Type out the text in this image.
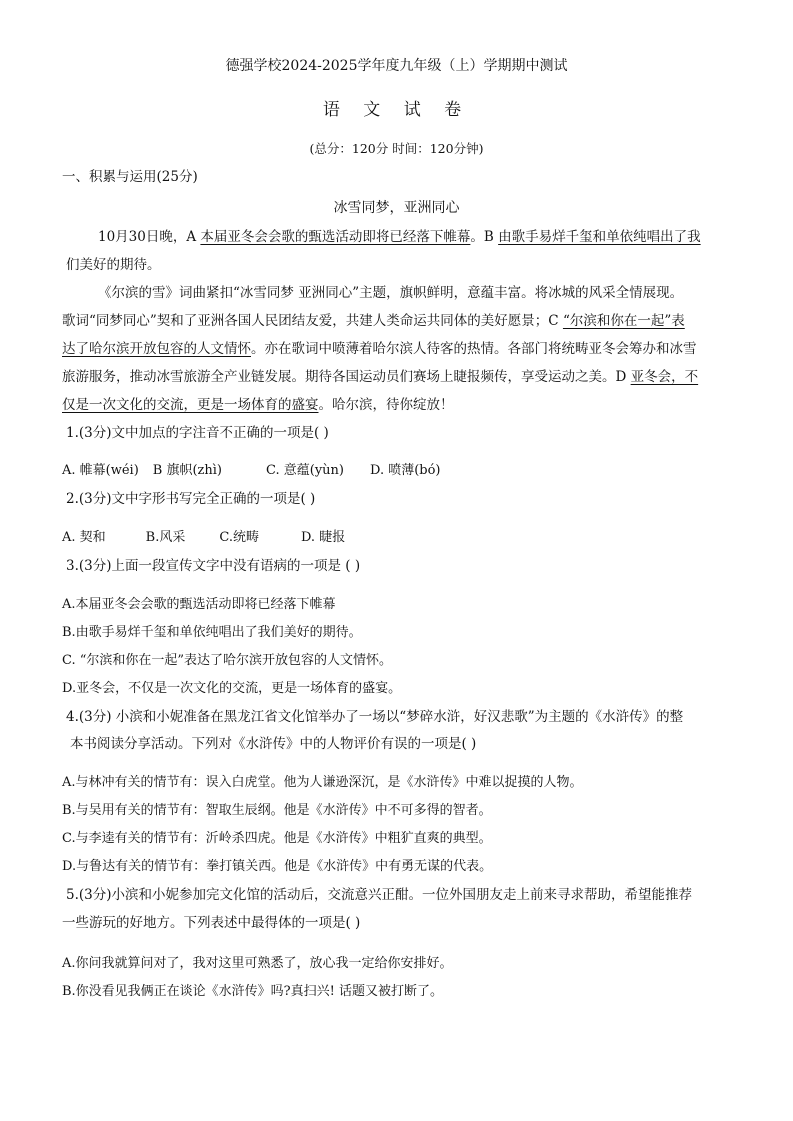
德强学校2024-2025学年度九年级（上）学期期中测试
语 文 试 卷
(总分：120分 时间：120分钟)
一、积累与运用(25分)
冰雪同梦，亚洲同心
10月30日晚，A 本届亚冬会会歌的甄选活动即将已经落下帷幕。B 由歌手易烊千玺和单依纯唱出了我
们美好的期待。
《尔滨的雪》词曲紧扣“冰雪同梦 亚洲同心”主题，旗帜鲜明，意蕴丰富。将冰城的风采全情展现。
歌词“同梦同心”契和了亚洲各国人民团结友爱，共建人类命运共同体的美好愿景；C “尔滨和你在一起”表
达了哈尔滨开放包容的人文情怀。亦在歌词中喷薄着哈尔滨人待客的热情。各部门将统畴亚冬会筹办和冰雪
旅游服务，推动冰雪旅游全产业链发展。期待各国运动员们赛场上睫报频传，享受运动之美。D 亚冬会，不
仅是一次文化的交流，更是一场体育的盛宴。哈尔滨，待你绽放！
1.(3分)文中加点的字注音不正确的一项是( )
A. 帷幕(wéi) B 旗帜(zhì)	C. 意蕴(yùn) D. 喷薄(bó)
2.(3分)文中字形书写完全正确的一项是( )
A. 契和	B.风采	C.统畴	D. 睫报
3.(3分)上面一段宣传文字中没有语病的一项是 ( )
A.本届亚冬会会歌的甄选活动即将已经落下帷幕
B.由歌手易烊千玺和单依纯唱出了我们美好的期待。
C. “尔滨和你在一起”表达了哈尔滨开放包容的人文情怀。
D.亚冬会，不仅是一次文化的交流，更是一场体育的盛宴。
4.(3分) 小滨和小妮准备在黑龙江省文化馆举办了一场以“梦碎水浒，好汉悲歌”为主题的《水浒传》的整
本书阅读分享活动。下列对《水浒传》中的人物评价有误的一项是( )
A.与林冲有关的情节有：误入白虎堂。他为人谦逊深沉，是《水浒传》中难以捉摸的人物。
B.与吴用有关的情节有：智取生辰纲。他是《水浒传》中不可多得的智者。
C.与李逵有关的情节有：沂岭杀四虎。他是《水浒传》中粗犷直爽的典型。
D.与鲁达有关的情节有：拳打镇关西。他是《水浒传》中有勇无谋的代表。
5.(3分)小滨和小妮参加完文化馆的活动后，交流意兴正酣。一位外国朋友走上前来寻求帮助，希望能推荐
一些游玩的好地方。下列表述中最得体的一项是( )
A.你问我就算问对了，我对这里可熟悉了，放心我一定给你安排好。
B.你没看见我俩正在谈论《水浒传》吗?真扫兴! 话题又被打断了。
